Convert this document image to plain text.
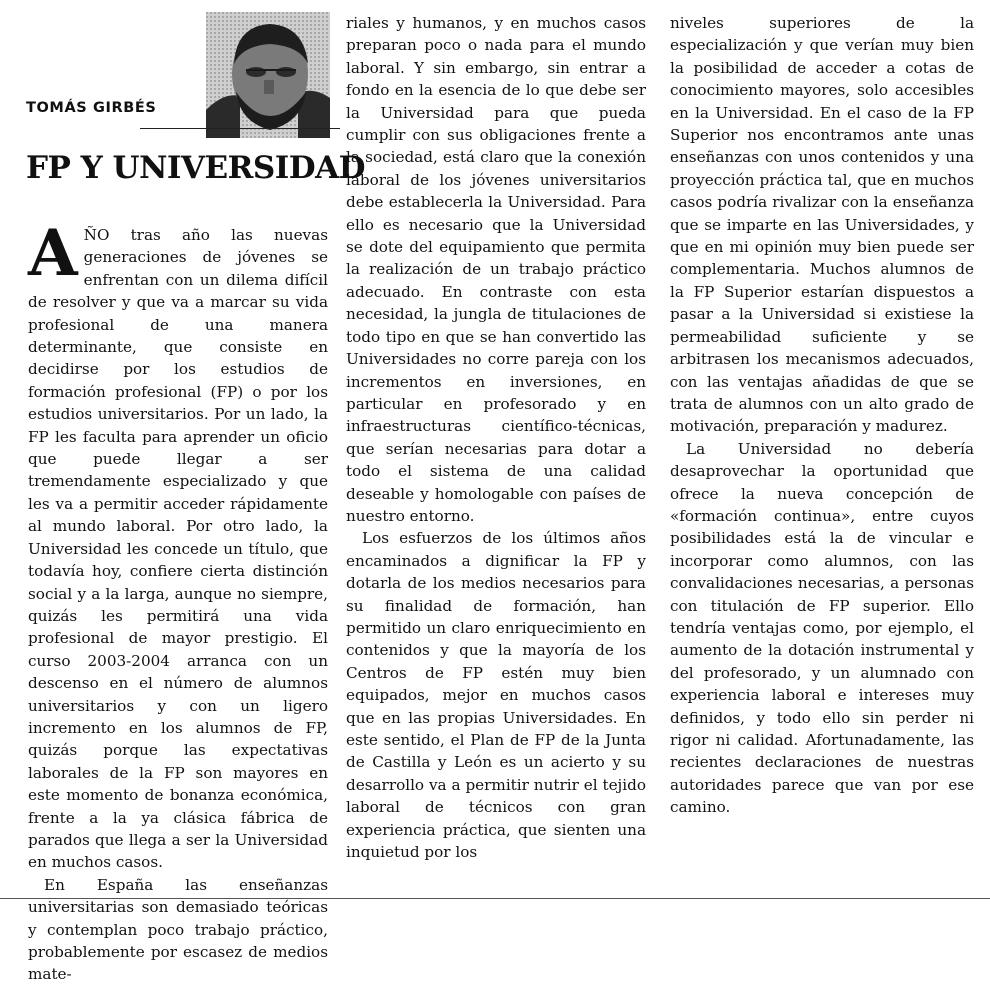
TOMÁS GIRBÉS
FP Y UNIVERSIDAD

AÑO tras año las nuevas generaciones de jóvenes se enfrentan con un dilema difícil de resolver y que va a marcar su vida profesional de una manera determinante, que consiste en decidirse por los estudios de formación profesional (FP) o por los estudios universitarios. Por un lado, la FP les faculta para aprender un oficio que puede llegar a ser tremendamente especializado y que les va a permitir acceder rápidamente al mundo laboral. Por otro lado, la Universidad les concede un título, que todavía hoy, confiere cierta distinción social y a la larga, aunque no siempre, quizás les permitirá una vida profesional de mayor prestigio. El curso 2003-2004 arranca con un descenso en el número de alumnos universitarios y con un ligero incremento en los alumnos de FP, quizás porque las expectativas laborales de la FP son mayores en este momento de bonanza económica, frente a la ya clásica fábrica de parados que llega a ser la Universidad en muchos casos.

En España las enseñanzas universitarias son demasiado teóricas y contemplan poco trabajo práctico, probablemente por escasez de medios mate-

riales y humanos, y en muchos casos preparan poco o nada para el mundo laboral. Y sin embargo, sin entrar a fondo en la esencia de lo que debe ser la Universidad para que pueda cumplir con sus obligaciones frente a la sociedad, está claro que la conexión laboral de los jóvenes universitarios debe establecerla la Universidad. Para ello es necesario que la Universidad se dote del equipamiento que permita la realización de un trabajo práctico adecuado. En contraste con esta necesidad, la jungla de titulaciones de todo tipo en que se han convertido las Universidades no corre pareja con los incrementos en inversiones, en particular en profesorado y en infraestructuras científico-técnicas, que serían necesarias para dotar a todo el sistema de una calidad deseable y homologable con países de nuestro entorno.

Los esfuerzos de los últimos años encaminados a dignificar la FP y dotarla de los medios necesarios para su finalidad de formación, han permitido un claro enriquecimiento en contenidos y que la mayoría de los Centros de FP estén muy bien equipados, mejor en muchos casos que en las propias Universidades. En este sentido, el Plan de FP de la Junta de Castilla y León es un acierto y su desarrollo va a permitir nutrir el tejido laboral de técnicos con gran experiencia práctica, que sienten una inquietud por los

niveles superiores de la especialización y que verían muy bien la posibilidad de acceder a cotas de conocimiento mayores, solo accesibles en la Universidad. En el caso de la FP Superior nos encontramos ante unas enseñanzas con unos contenidos y una proyección práctica tal, que en muchos casos podría rivalizar con la enseñanza que se imparte en las Universidades, y que en mi opinión muy bien puede ser complementaria. Muchos alumnos de la FP Superior estarían dispuestos a pasar a la Universidad si existiese la permeabilidad suficiente y se arbitrasen los mecanismos adecuados, con las ventajas añadidas de que se trata de alumnos con un alto grado de motivación, preparación y madurez.

La Universidad no debería desaprovechar la oportunidad que ofrece la nueva concepción de «formación continua», entre cuyos posibilidades está la de vincular e incorporar como alumnos, con las convalidaciones necesarias, a personas con titulación de FP superior. Ello tendría ventajas como, por ejemplo, el aumento de la dotación instrumental y del profesorado, y un alumnado con experiencia laboral e intereses muy definidos, y todo ello sin perder ni rigor ni calidad. Afortunadamente, las recientes declaraciones de nuestras autoridades parece que van por ese camino.
